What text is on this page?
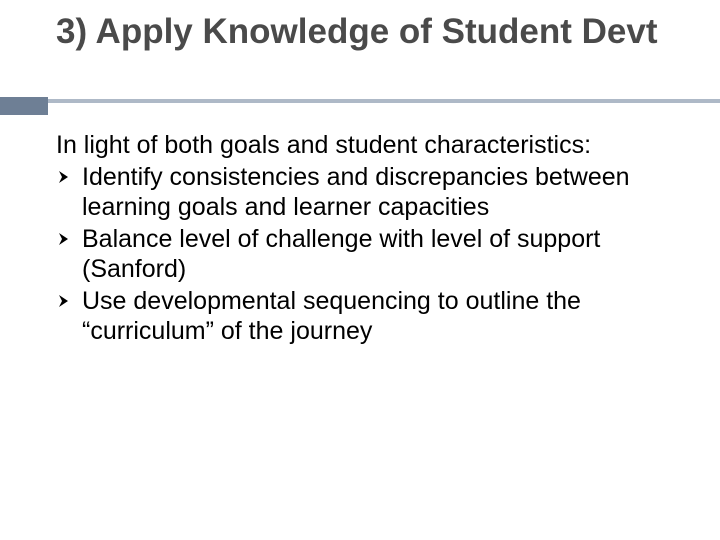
3) Apply Knowledge of Student Devt

In light of both goals and student characteristics:

Identify consistencies and discrepancies between learning goals and learner capacities
Balance level of challenge with level of support (Sanford)
Use developmental sequencing to outline the “curriculum” of the journey
